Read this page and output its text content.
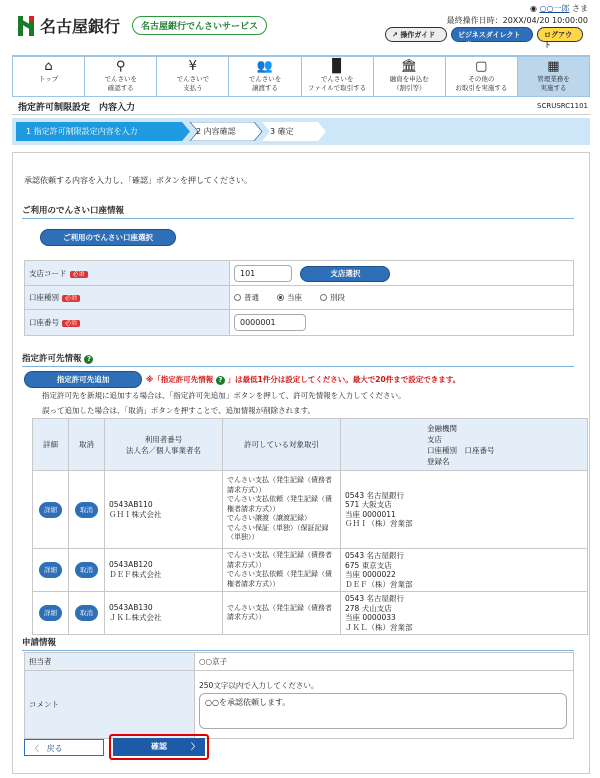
名古屋銀行	名古屋銀行でんさいサービス
◉ ○○一郎 さま
最終操作日時：20XX/04/20 10:00:00
↗ 操作ガイド	ビジネスダイレクトへ戻る
ログアウト
⌂
トップ
⚲
でんさいを
確認する
¥
でんさいで
支払う
👥
でんさいを
譲渡する
▉
でんさいを
ファイルで取引する
🏛
融資を申込む
（割引等）
▢
その他の
お取引を実施する
▦
管理業務を
実施する
指定許可制限設定　内容入力	SCRUSRC1101
1 指定許可制限設定内容を入力	2 内容確認	3 確定
承認依頼する内容を入力し、「確認」ボタンを押してください。
ご利用のでんさい口座情報
ご利用のでんさい口座選択
支店コード 必須	101 支店選択
口座種別 必須	普通 当座 別段
口座番号 必須	0000001
指定許可先情報 ?
指定許可先追加	※「指定許可先情報 ? 」は最低1件分は設定してください。最大で20件まで設定できます。
指定許可先を新規に追加する場合は、「指定許可先追加」ボタンを押して、許可先情報を入力してください。
誤って追加した場合は、「取消」ボタンを押すことで、追加情報が削除されます。
詳細	取消	利用者番号
法人名／個人事業者名	許可している対象取引	金融機関
支店
口座種別　口座番号
登録名
詳細	取消	0543AB110
ＧＨＩ株式会社	でんさい支払（発生記録（債務者請求方式））
でんさい支払依頼（発生記録（債権者請求方式））
でんさい譲渡（譲渡記録）
でんさい保証（単独）（保証記録（単独））	0543 名古屋銀行
571 大阪支店
当座 0000011
ＧＨＩ（株）営業部
詳細	取消	0543AB120
ＤＥＦ株式会社	でんさい支払（発生記録（債務者請求方式））
でんさい支払依頼（発生記録（債権者請求方式））	0543 名古屋銀行
675 東京支店
当座 0000022
ＤＥＦ（株）営業部
詳細	取消	0543AB130
ＪＫＬ株式会社	でんさい支払（発生記録（債務者請求方式））	0543 名古屋銀行
278 犬山支店
当座 0000033
ＪＫＬ（株）営業部
申請情報
担当者	○○京子
コメント	250文字以内で入力してください。
○○を承認依頼します。
〈 戻る	確認	〉
